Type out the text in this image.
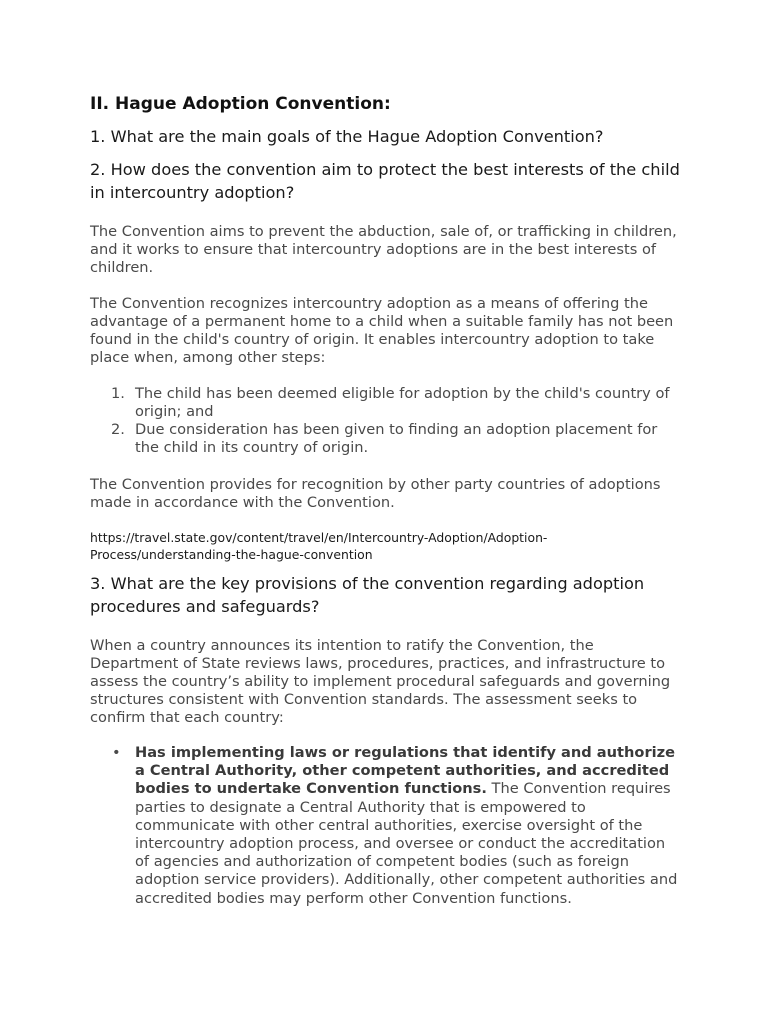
II. Hague Adoption Convention:
1. What are the main goals of the Hague Adoption Convention?
2. How does the convention aim to protect the best interests of the child in intercountry adoption?

The Convention aims to prevent the abduction, sale of, or trafficking in children, and it works to ensure that intercountry adoptions are in the best interests of children.

The Convention recognizes intercountry adoption as a means of offering the advantage of a permanent home to a child when a suitable family has not been found in the child's country of origin. It enables intercountry adoption to take place when, among other steps:

1. The child has been deemed eligible for adoption by the child's country of origin; and
2. Due consideration has been given to finding an adoption placement for the child in its country of origin.

The Convention provides for recognition by other party countries of adoptions made in accordance with the Convention.

https://travel.state.gov/content/travel/en/Intercountry-Adoption/Adoption-Process/understanding-the-hague-convention
3. What are the key provisions of the convention regarding adoption procedures and safeguards?

When a country announces its intention to ratify the Convention, the Department of State reviews laws, procedures, practices, and infrastructure to assess the country’s ability to implement procedural safeguards and governing structures consistent with Convention standards. The assessment seeks to confirm that each country:

• Has implementing laws or regulations that identify and authorize a Central Authority, other competent authorities, and accredited bodies to undertake Convention functions. The Convention requires parties to designate a Central Authority that is empowered to communicate with other central authorities, exercise oversight of the intercountry adoption process, and oversee or conduct the accreditation of agencies and authorization of competent bodies (such as foreign adoption service providers). Additionally, other competent authorities and accredited bodies may perform other Convention functions.
